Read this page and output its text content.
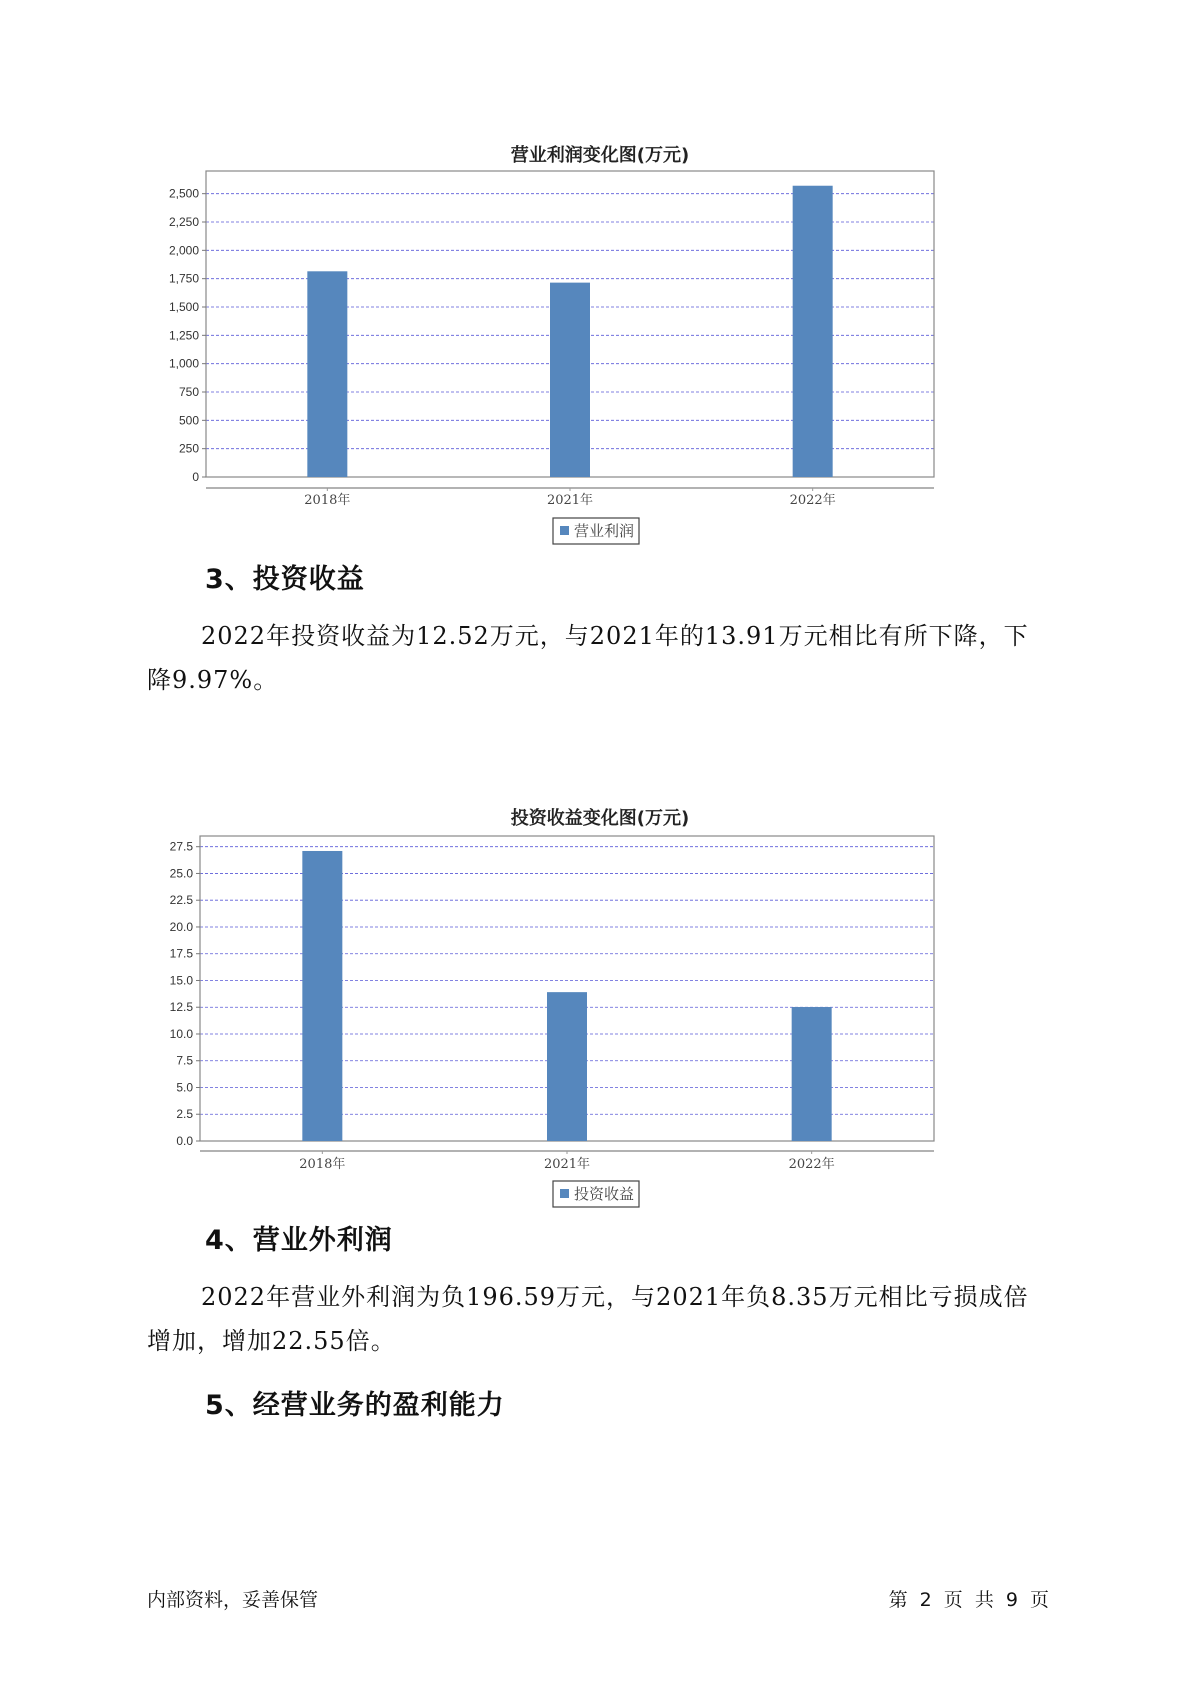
营业利润变化图(万元)
0
250
500
750
1,000
1,250
1,500
1,750
2,000
2,250
2,500
2018年	2021年	2022年
营业利润
3、投资收益

2022年投资收益为12.52万元，与2021年的13.91万元相比有所下降，下降9.97%。

投资收益变化图(万元)
0.0
2.5
5.0
7.5
10.0
12.5
15.0
17.5
20.0
22.5
25.0
27.5
2018年	2021年	2022年
投资收益
4、营业外利润

2022年营业外利润为负196.59万元，与2021年负8.35万元相比亏损成倍增加，增加22.55倍。

5、经营业务的盈利能力
内部资料，妥善保管	第 2 页 共 9 页
